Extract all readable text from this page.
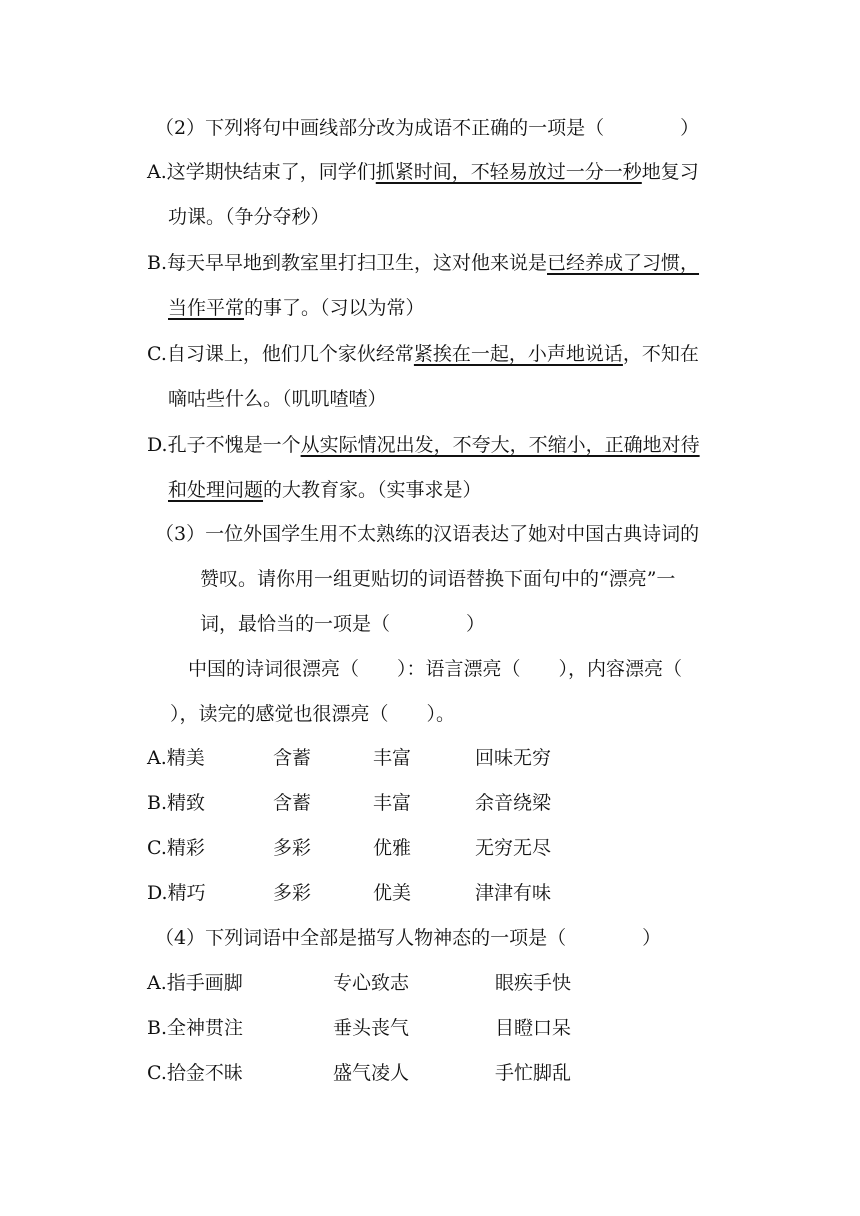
（2）下列将句中画线部分改为成语不正确的一项是（　　　　）
A.这学期快结束了，同学们抓紧时间，不轻易放过一分一秒地复习
功课。（争分夺秒）
B.每天早早地到教室里打扫卫生，这对他来说是已经养成了习惯，
当作平常的事了。（习以为常）
C.自习课上，他们几个家伙经常紧挨在一起，小声地说话，不知在
嘀咕些什么。（叽叽喳喳）
D.孔子不愧是一个从实际情况出发，不夸大，不缩小，正确地对待
和处理问题的大教育家。（实事求是）
（3）一位外国学生用不太熟练的汉语表达了她对中国古典诗词的
赞叹。请你用一组更贴切的词语替换下面句中的“漂亮”一
词，最恰当的一项是（　　　　）
中国的诗词很漂亮（　　）：语言漂亮（　　），内容漂亮（
），读完的感觉也很漂亮（　　）。
A.精美	含蓄	丰富	回味无穷
B.精致	含蓄	丰富	余音绕梁
C.精彩	多彩	优雅	无穷无尽
D.精巧	多彩	优美	津津有味
（4）下列词语中全部是描写人物神态的一项是（　　　　）
A.指手画脚	专心致志	眼疾手快
B.全神贯注	垂头丧气	目瞪口呆
C.拾金不昧	盛气凌人	手忙脚乱
